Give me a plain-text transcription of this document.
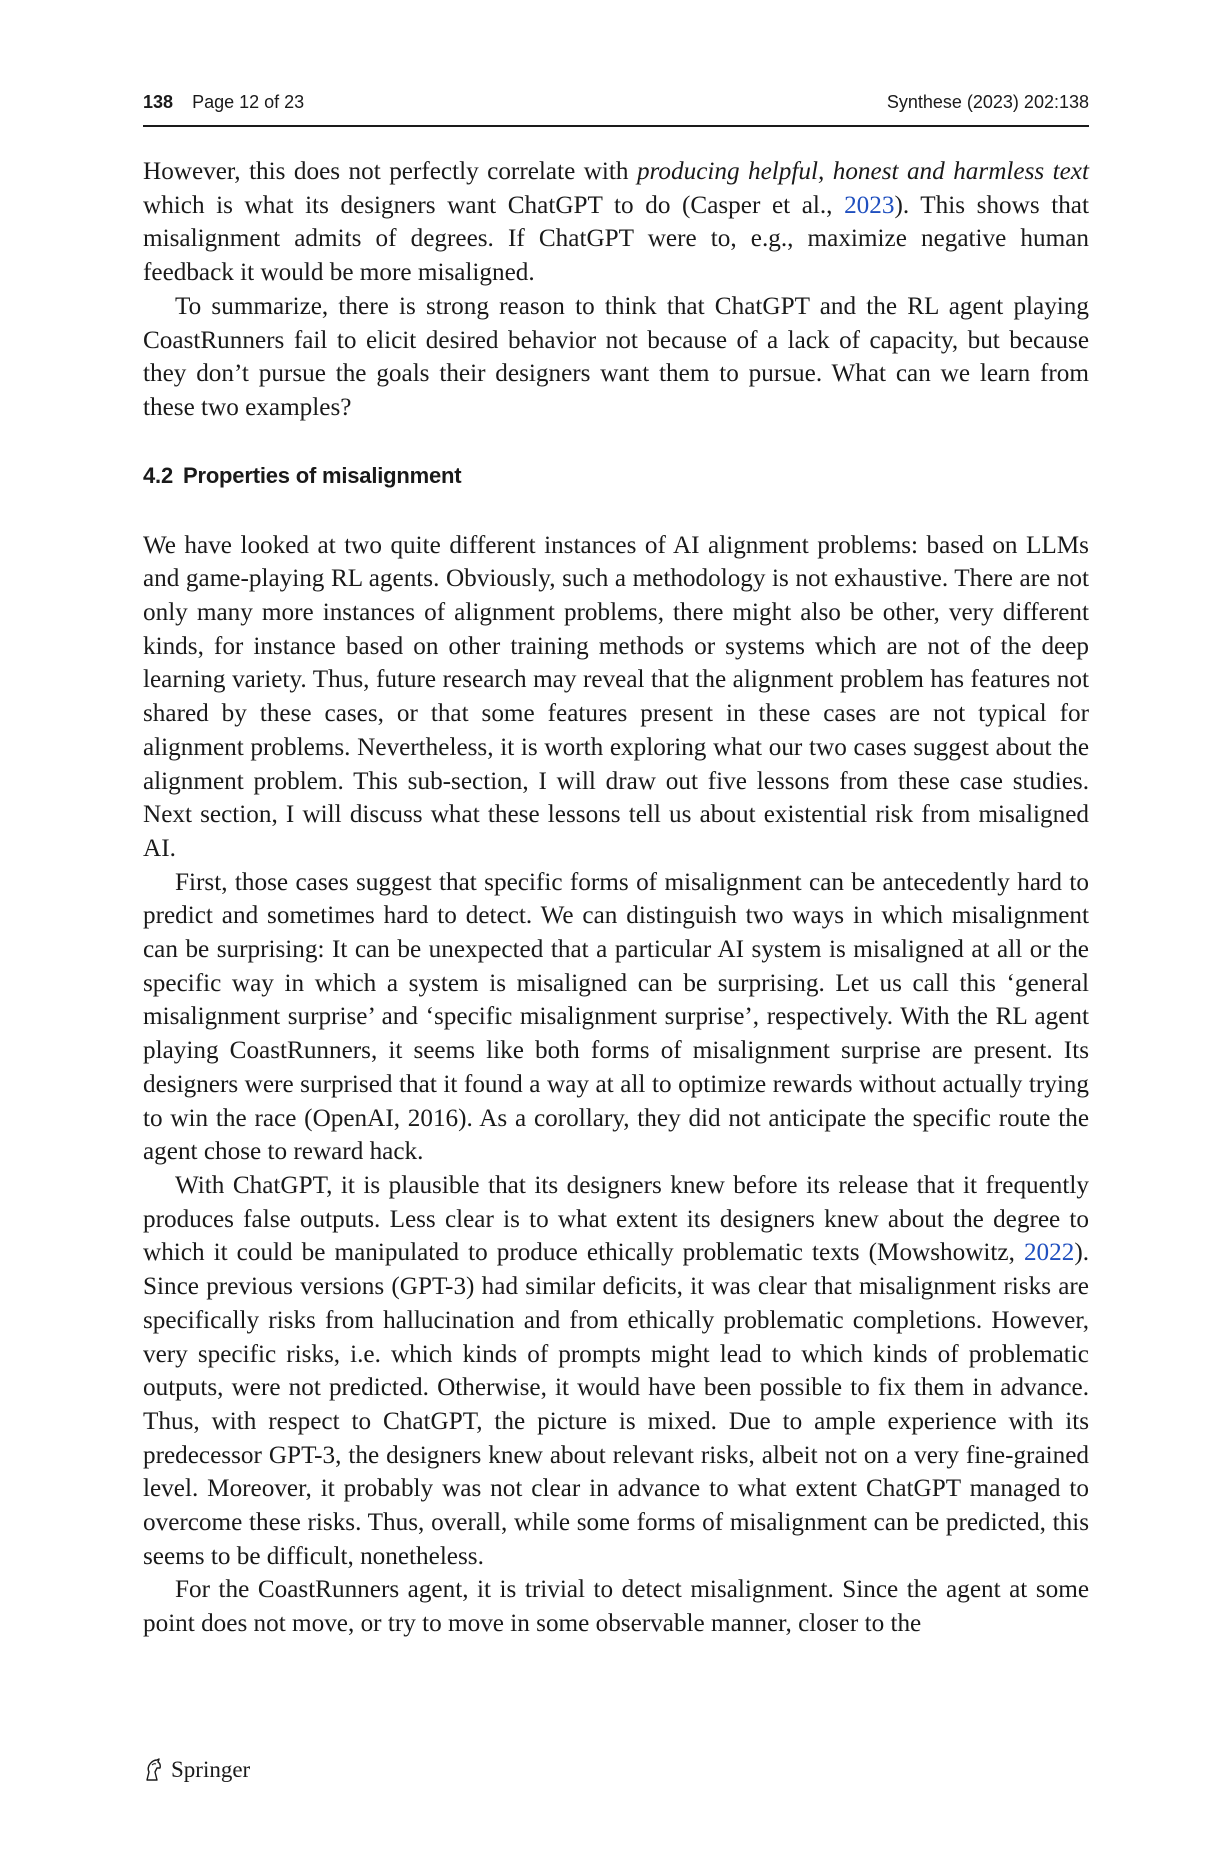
138 Page 12 of 23	Synthese (2023) 202:138

However, this does not perfectly correlate with producing helpful, honest and harmless text which is what its designers want ChatGPT to do (Casper et al., 2023). This shows that misalignment admits of degrees. If ChatGPT were to, e.g., maximize negative human feedback it would be more misaligned.

To summarize, there is strong reason to think that ChatGPT and the RL agent playing CoastRunners fail to elicit desired behavior not because of a lack of capacity, but because they don’t pursue the goals their designers want them to pursue. What can we learn from these two examples?

4.2 Properties of misalignment

We have looked at two quite different instances of AI alignment problems: based on LLMs and game-playing RL agents. Obviously, such a methodology is not exhaustive. There are not only many more instances of alignment problems, there might also be other, very different kinds, for instance based on other training methods or systems which are not of the deep learning variety. Thus, future research may reveal that the alignment problem has features not shared by these cases, or that some features present in these cases are not typical for alignment problems. Nevertheless, it is worth exploring what our two cases suggest about the alignment problem. This sub-section, I will draw out five lessons from these case studies. Next section, I will discuss what these lessons tell us about existential risk from misaligned AI.

First, those cases suggest that specific forms of misalignment can be antecedently hard to predict and sometimes hard to detect. We can distinguish two ways in which misalignment can be surprising: It can be unexpected that a particular AI system is misaligned at all or the specific way in which a system is misaligned can be surprising. Let us call this ‘general misalignment surprise’ and ‘specific misalignment surprise’, respectively. With the RL agent playing CoastRunners, it seems like both forms of misalignment surprise are present. Its designers were surprised that it found a way at all to optimize rewards without actually trying to win the race (OpenAI, 2016). As a corollary, they did not anticipate the specific route the agent chose to reward hack.

With ChatGPT, it is plausible that its designers knew before its release that it frequently produces false outputs. Less clear is to what extent its designers knew about the degree to which it could be manipulated to produce ethically problematic texts (Mowshowitz, 2022). Since previous versions (GPT-3) had similar deficits, it was clear that misalignment risks are specifically risks from hallucination and from ethically problematic completions. However, very specific risks, i.e. which kinds of prompts might lead to which kinds of problematic outputs, were not predicted. Otherwise, it would have been possible to fix them in advance. Thus, with respect to ChatGPT, the picture is mixed. Due to ample experience with its predecessor GPT-3, the designers knew about relevant risks, albeit not on a very fine-grained level. Moreover, it probably was not clear in advance to what extent ChatGPT managed to overcome these risks. Thus, overall, while some forms of misalignment can be predicted, this seems to be difficult, nonetheless.

For the CoastRunners agent, it is trivial to detect misalignment. Since the agent at some point does not move, or try to move in some observable manner, closer to the

Springer
